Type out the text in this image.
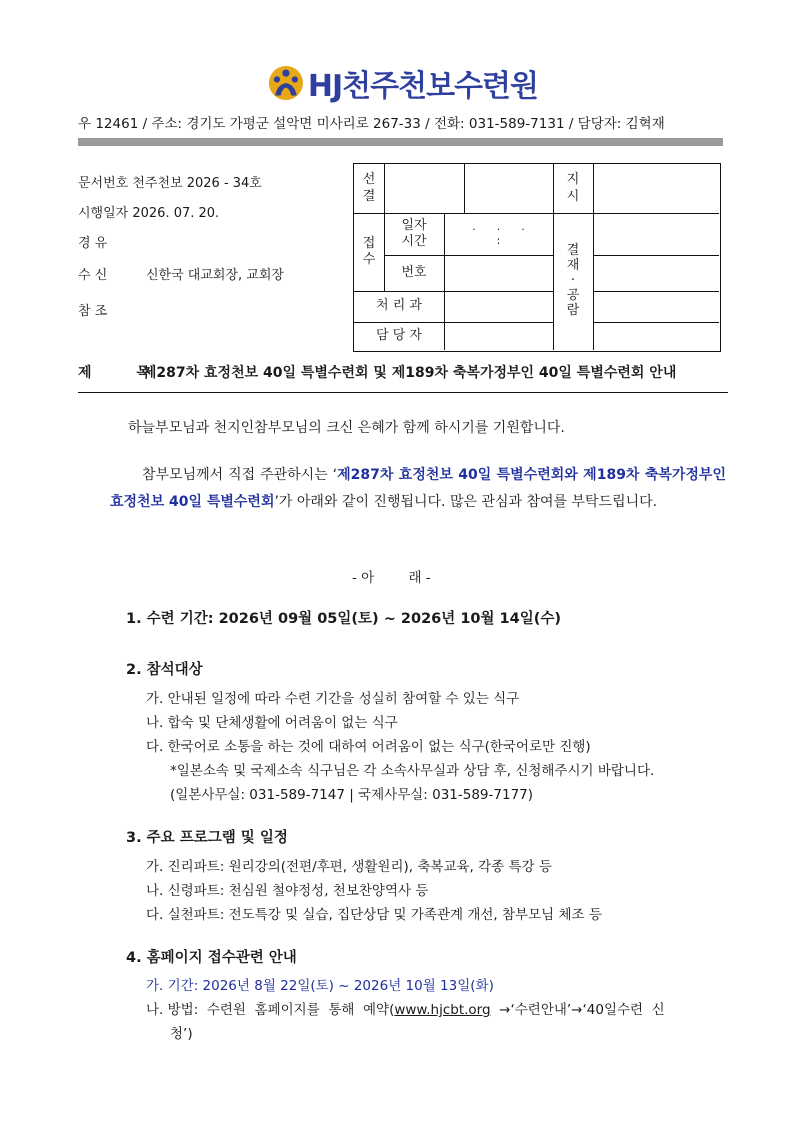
HJ천주천보수련원
우 12461 / 주소: 경기도 가평군 설악면 미사리로 267-33 / 전화: 031-589-7131 / 담당자: 김혁재
문서번호 천주천보 2026 - 34호
시행일자 2026. 07. 20.
경 유
수 신	신한국 대교회장, 교회장
참 조
선
결
지
시
접
수
일자
시간
.      .      .
:
결
재
·
공
람
번호
처 리 과
담 당 자
제 목 제287차 효정천보 40일 특별수련회 및 제189차 축복가정부인 40일 특별수련회 안내
하늘부모님과 천지인참부모님의 크신 은혜가 함께 하시기를 기원합니다.
참부모님께서 직접 주관하시는 ‘제287차 효정천보 40일 특별수련회와 제189차 축복가정부인 효정천보 40일 특별수련회’가 아래와 같이 진행됩니다. 많은 관심과 참여를 부탁드립니다.
- 아        래 -
1. 수련 기간: 2026년 09월 05일(토) ~ 2026년 10월 14일(수)
2. 참석대상
가. 안내된 일정에 따라 수련 기간을 성실히 참여할 수 있는 식구
나. 합숙 및 단체생활에 어려움이 없는 식구
다. 한국어로 소통을 하는 것에 대하여 어려움이 없는 식구(한국어로만 진행)
*일본소속 및 국제소속 식구님은 각 소속사무실과 상담 후, 신청해주시기 바랍니다.
(일본사무실: 031-589-7147 | 국제사무실: 031-589-7177)
3. 주요 프로그램 및 일정
가. 진리파트: 원리강의(전편/후편, 생활원리), 축복교육, 각종 특강 등
나. 신령파트: 천심원 철야정성, 천보찬양역사 등
다. 실천파트: 전도특강 및 실습, 집단상담 및 가족관계 개선, 참부모님 체조 등
4. 홈페이지 접수관련 안내
가. 기간: 2026년 8월 22일(토) ~ 2026년 10월 13일(화)
나. 방법:  수련원  홈페이지를  통해  예약(www.hjcbt.org  →‘수련안내’→‘40일수련  신
청’)
